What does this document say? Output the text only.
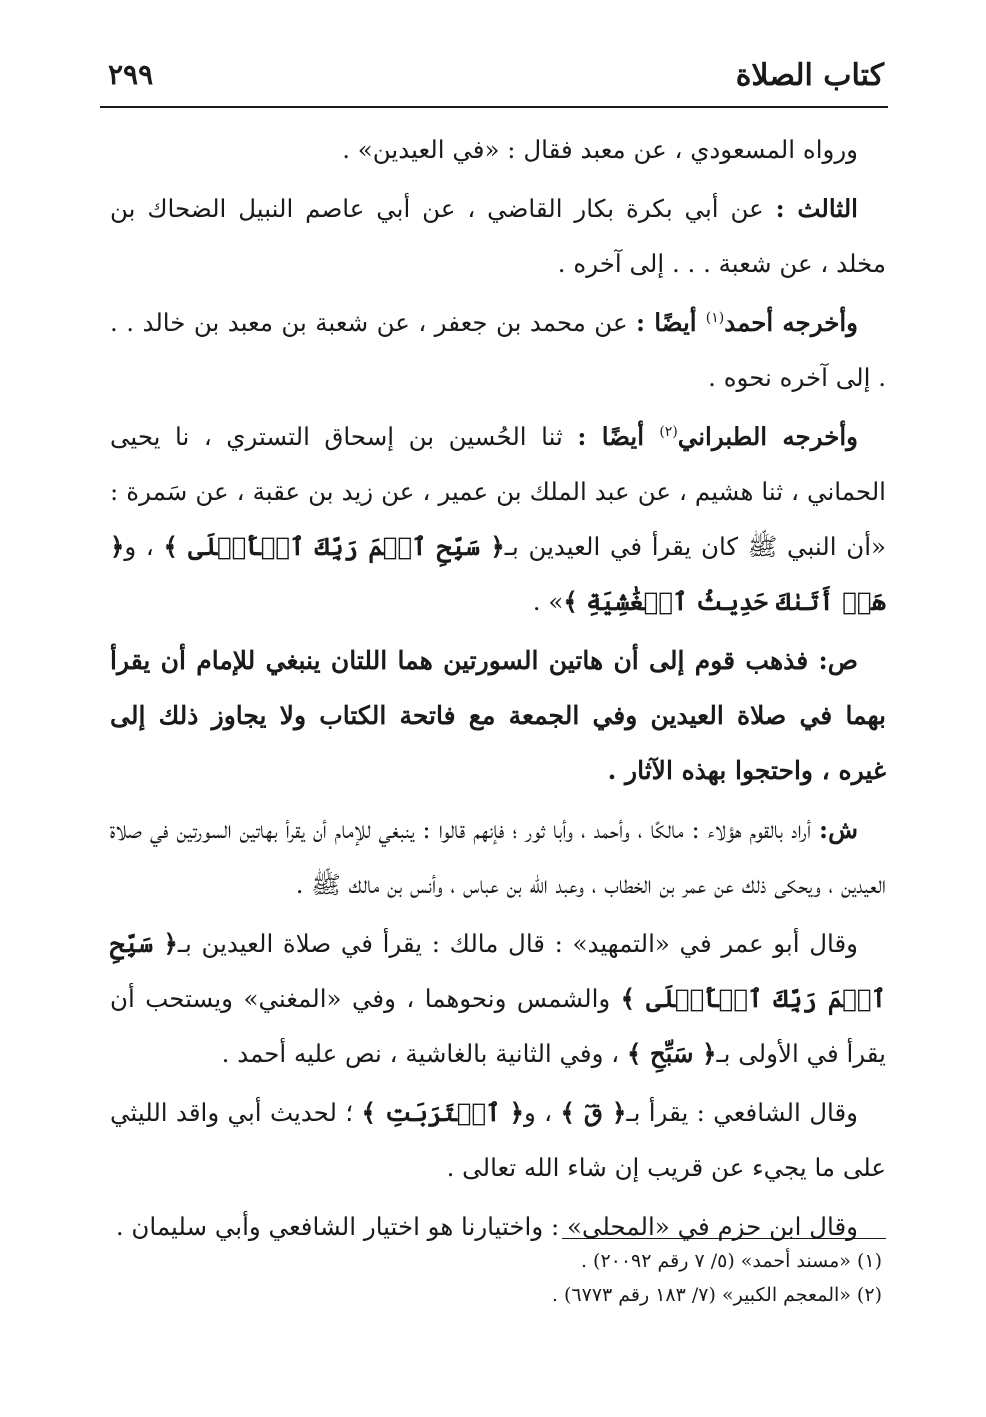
كتاب الصلاة
٢٩٩

ورواه المسعودي ، عن معبد فقال : «في العيدين» .

الثالث : عن أبي بكرة بكار القاضي ، عن أبي عاصم النبيل الضحاك بن مخلد ، عن شعبة . . . إلى آخره .

وأخرجه أحمد$^{(١)}$ أيضًا : عن محمد بن جعفر ، عن شعبة بن معبد بن خالد . . . إلى آخره نحوه .

وأخرجه الطبراني$^{(٢)}$ أيضًا : ثنا الحُسين بن إسحاق التستري ، نا يحيى الحماني ، ثنا هشيم ، عن عبد الملك بن عمير ، عن زيد بن عقبة ، عن سَمرة : «أن النبي ﷺ كان يقرأ في العيدين بـ﴿ سَبِّحِ ٱسۡمَ رَبِّكَ ٱلۡأَعۡلَى ﴾ ، و﴿ هَلۡ أَتَىٰكَ حَدِيثُ ٱلۡغَٰشِيَةِ ﴾» .

ص: فذهب قوم إلى أن هاتين السورتين هما اللتان ينبغي للإمام أن يقرأ بهما في صلاة العيدين وفي الجمعة مع فاتحة الكتاب ولا يجاوز ذلك إلى غيره ، واحتجوا بهذه الآثار .

ش: أراد بالقوم هؤلاء : مالكًا ، وأحمد ، وأبا ثور ؛ فإنهم قالوا : ينبغي للإمام أن يقرأ بهاتين السورتين في صلاة العيدين ، ويحكى ذلك عن عمر بن الخطاب ، وعبد الله بن عباس ، وأنس بن مالك ﷺ .

وقال أبو عمر في «التمهيد» : قال مالك : يقرأ في صلاة العيدين بـ﴿ سَبِّحِ ٱسۡمَ رَبِّكَ ٱلۡأَعۡلَى ﴾ والشمس ونحوهما ، وفي «المغني» ويستحب أن يقرأ في الأولى بـ﴿ سَبِّحِ ﴾ ، وفي الثانية بالغاشية ، نص عليه أحمد .

وقال الشافعي : يقرأ بـ﴿ قٓ ﴾ ، و﴿ ٱقۡتَرَبَتِ ﴾ ؛ لحديث أبي واقد الليثي على ما يجيء عن قريب إن شاء الله تعالى .

وقال ابن حزم في «المحلى» : واختيارنا هو اختيار الشافعي وأبي سليمان .

(١) «مسند أحمد» (٥/ ٧ رقم ٢٠٠٩٢) .

(٢) «المعجم الكبير» (٧/ ١٨٣ رقم ٦٧٧٣) .
